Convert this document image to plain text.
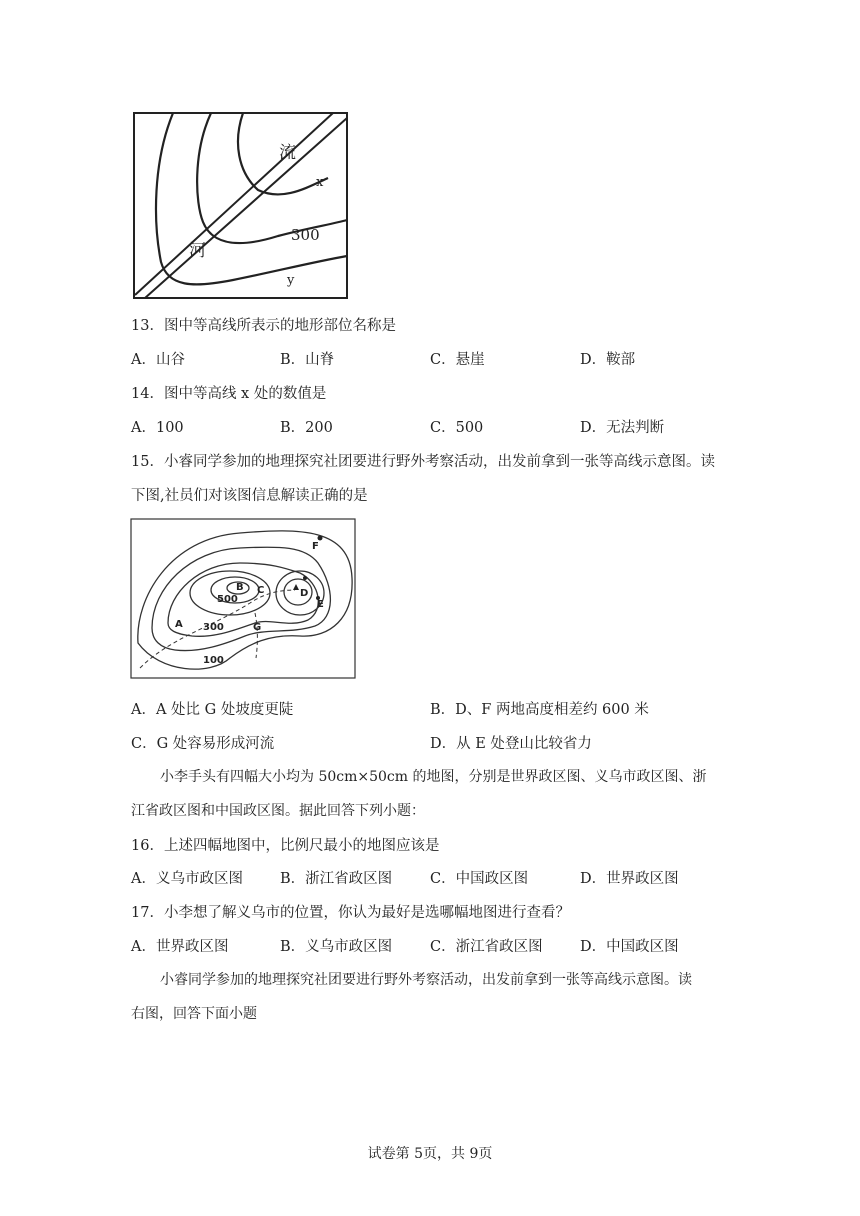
流
河
300
x
y
13．图中等高线所表示的地形部位名称是
A．山谷	B．山脊	C．悬崖	D．鞍部
14．图中等高线 x 处的数值是
A．100	B．200	C．500	D．无法判断
15．小睿同学参加的地理探究社团要进行野外考察活动，出发前拿到一张等高线示意图。读
下图,社员们对该图信息解读正确的是
F
B C	D
E
A	G
500
300
100
A．A 处比 G 处坡度更陡	B．D、F 两地高度相差约 600 米
C．G 处容易形成河流	D．从 E 处登山比较省力
小李手头有四幅大小均为 50cm×50cm 的地图，分别是世界政区图、义乌市政区图、浙
江省政区图和中国政区图。据此回答下列小题：
16．上述四幅地图中，比例尺最小的地图应该是
A．义乌市政区图	B．浙江省政区图	C．中国政区图	D．世界政区图
17．小李想了解义乌市的位置，你认为最好是选哪幅地图进行查看？
A．世界政区图	B．义乌市政区图	C．浙江省政区图	D．中国政区图
小睿同学参加的地理探究社团要进行野外考察活动，出发前拿到一张等高线示意图。读
右图，回答下面小题
试卷第 5页，共 9页
